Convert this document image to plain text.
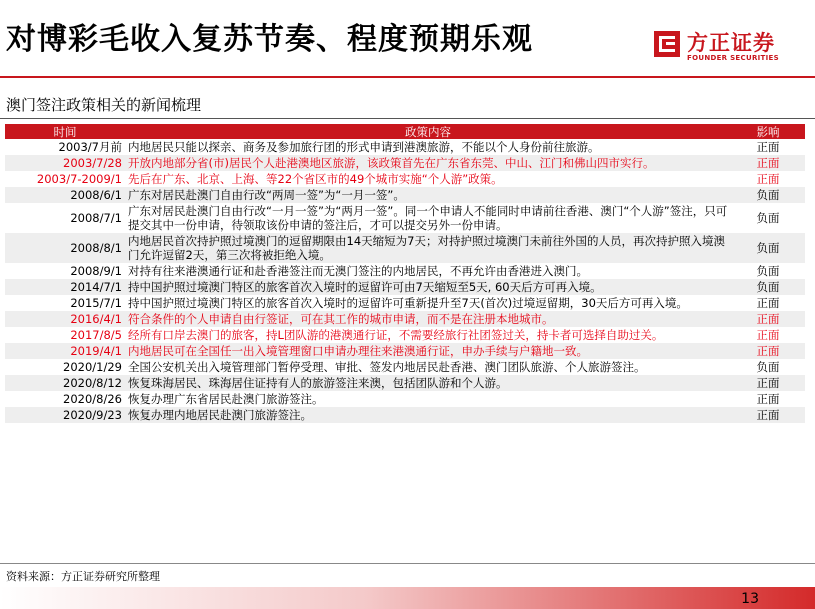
对博彩毛收入复苏节奏、程度预期乐观	方正证券
FOUNDER SECURITIES
澳门签注政策相关的新闻梳理
时间	政策内容	影响
2003/7月前	内地居民只能以探亲、商务及参加旅行团的形式申请到港澳旅游，不能以个人身份前往旅游。	正面
2003/7/28	开放内地部分省(市)居民个人赴港澳地区旅游，该政策首先在广东省东莞、中山、江门和佛山四市实行。	正面
2003/7-2009/1	先后在广东、北京、上海、等22个省区市的49个城市实施“个人游”政策。	正面
2008/6/1	广东对居民赴澳门自由行改“两周一签”为“一月一签”。	负面
2008/7/1	广东对居民赴澳门自由行改“一月一签”为“两月一签”。同一个申请人不能同时申请前往香港、澳门“个人游”签注，只可提交其中一份申请，待领取该份申请的签注后，才可以提交另外一份申请。	负面
2008/8/1	内地居民首次持护照过境澳门的逗留期限由14天缩短为7天；对持护照过境澳门未前往外国的人员，再次持护照入境澳门允许逗留2天，第三次将被拒绝入境。	负面
2008/9/1	对持有往来港澳通行证和赴香港签注而无澳门签注的内地居民，不再允许由香港进入澳门。	负面
2014/7/1	持中国护照过境澳门特区的旅客首次入境时的逗留许可由7天缩短至5天, 60天后方可再入境。	负面
2015/7/1	持中国护照过境澳门特区的旅客首次入境时的逗留许可重新提升至7天(首次)过境逗留期，30天后方可再入境。	正面
2016/4/1	符合条件的个人申请自由行签证，可在其工作的城市申请，而不是在注册本地城市。	正面
2017/8/5	经所有口岸去澳门的旅客，持L团队游的港澳通行证，不需要经旅行社团签过关，持卡者可选择自助过关。	正面
2019/4/1	内地居民可在全国任一出入境管理窗口申请办理往来港澳通行证，申办手续与户籍地一致。	正面
2020/1/29	全国公安机关出入境管理部门暂停受理、审批、签发内地居民赴香港、澳门团队旅游、个人旅游签注。	负面
2020/8/12	恢复珠海居民、珠海居住证持有人的旅游签注来澳，包括团队游和个人游。	正面
2020/8/26	恢复办理广东省居民赴澳门旅游签注。	正面
2020/9/23	恢复办理内地居民赴澳门旅游签注。	正面
资料来源：方正证券研究所整理
13
